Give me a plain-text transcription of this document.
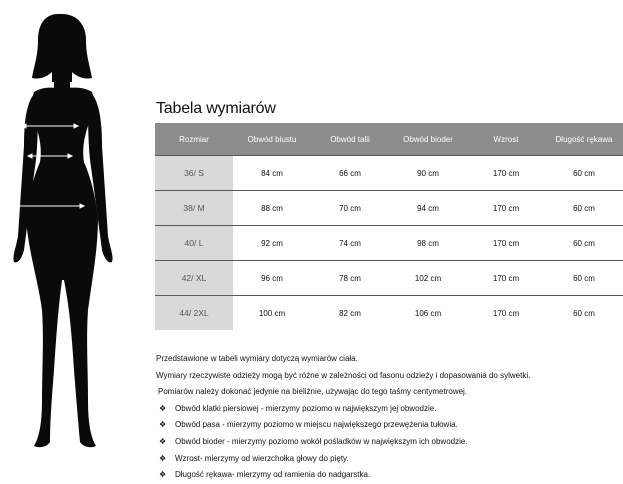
Tabela wymiarów
Rozmiar	Obwód biustu	Obwód talii	Obwód bioder	Wzrost	Długość rękawa
36/ S	84 cm	66 cm	90 cm	170 cm	60 cm
38/ M	88 cm	70 cm	94 cm	170 cm	60 cm
40/ L	92 cm	74 cm	98 cm	170 cm	60 cm
42/ XL	96 cm	78 cm	102 cm	170 cm	60 cm
44/ 2XL	100 cm	82 cm	106 cm	170 cm	60 cm

Przedstawione w tabeli wymiary dotyczą wymiarów ciała.

Wymiary rzeczywiste odzieży mogą być różne w zależności od fasonu odzieży i dopasowania do sylwetki.

Pomiarów należy dokonać jedynie na bieliźnie, używając do tego taśmy centymetrowej.

❖ Obwód klatki piersiowej - mierzymy poziomo w największym jej obwodzie.

❖ Obwód pasa - mierzymy poziomo w miejscu największego przewężenia tułowia.

❖ Obwód bioder - mierzymy poziomo wokół pośladków w największym ich obwodzie.

❖ Wzrost- mierzymy od wierzchołka głowy do pięty.

❖ Długość rękawa- mierzymy od ramienia do nadgarstka.
